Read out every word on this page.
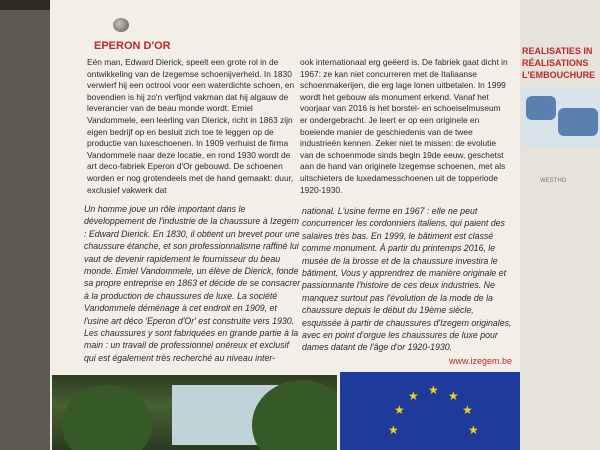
EPERON D'OR

Eén man, Edward Dierick, speelt een grote rol in de ontwikkeling van de Izegemse schoenijverheid. In 1830 verwierf hij een octrooi voor een waterdichte schoen, en bovendien is hij zo'n verfijnd vakman dat hij algauw de leverancier van de beau monde wordt. Emiel Vandommele, een leerling van Dierick, richt in 1863 zijn eigen bedrijf op en besluit zich toe te leggen op de productie van luxeschoenen. In 1909 verhuist de firma Vandommele naar deze locatie, en rond 1930 wordt de art deco-fabriek Eperon d'Or gebouwd. De schoenen worden er nog grotendeels met de hand gemaakt: duur, exclusief vakwerk dat

ook internationaal erg geëerd is. De fabriek gaat dicht in 1967: ze kan niet concurreren met de Italiaanse schoenmakerijen, die erg lage lonen uitbetalen. In 1999 wordt het gebouw als monument erkend. Vanaf het voorjaar van 2016 is het borstel- en schoeiselmuseum er ondergebracht. Je leert er op een originele en boeiende manier de geschiedenis van de twee industrieën kennen. Zeker niet te missen: de evolutie van de schoenmode sinds begin 19de eeuw, geschetst aan de hand van originele Izegemse schoenen, met als uitschieters de luxedamesschoenen uit de topperiode 1920-1930.

Un homme joue un rôle important dans le développement de l'industrie de la chaussure à Izegem : Edward Dierick. En 1830, il obtient un brevet pour une chaussure étanche, et son professionnalisme raffiné lui vaut de devenir rapidement le fournisseur du beau monde. Emiel Vandommele, un élève de Dierick, fonde sa propre entreprise en 1863 et décide de se consacrer à la production de chaussures de luxe. La société Vandommele déménage à cet endroit en 1909, et l'usine art déco 'Eperon d'Or' est construite vers 1930. Les chaussures y sont fabriquées en grande partie à la main : un travail de professionnel onéreux et exclusif qui est également très recherché au niveau inter-

national. L'usine ferme en 1967 : elle ne peut concurrencer les cordonniers italiens, qui paient des salaires très bas. En 1999, le bâtiment est classé comme monument. À partir du printemps 2016, le musée de la brosse et de la chaussure investira le bâtiment. Vous y apprendrez de manière originale et passionnante l'histoire de ces deux industries. Ne manquez surtout pas l'évolution de la mode de la chaussure depuis le début du 19ème siècle, esquissée à partir de chaussures d'Izegem originales, avec en point d'orgue les chaussures de luxe pour dames datant de l'âge d'or 1920-1930.

www.izegem.be
REALISATIES IN
RÉALISATIONS
L'EMBOUCHURE
WESTHO
★ ★
★
★
★
★
★
